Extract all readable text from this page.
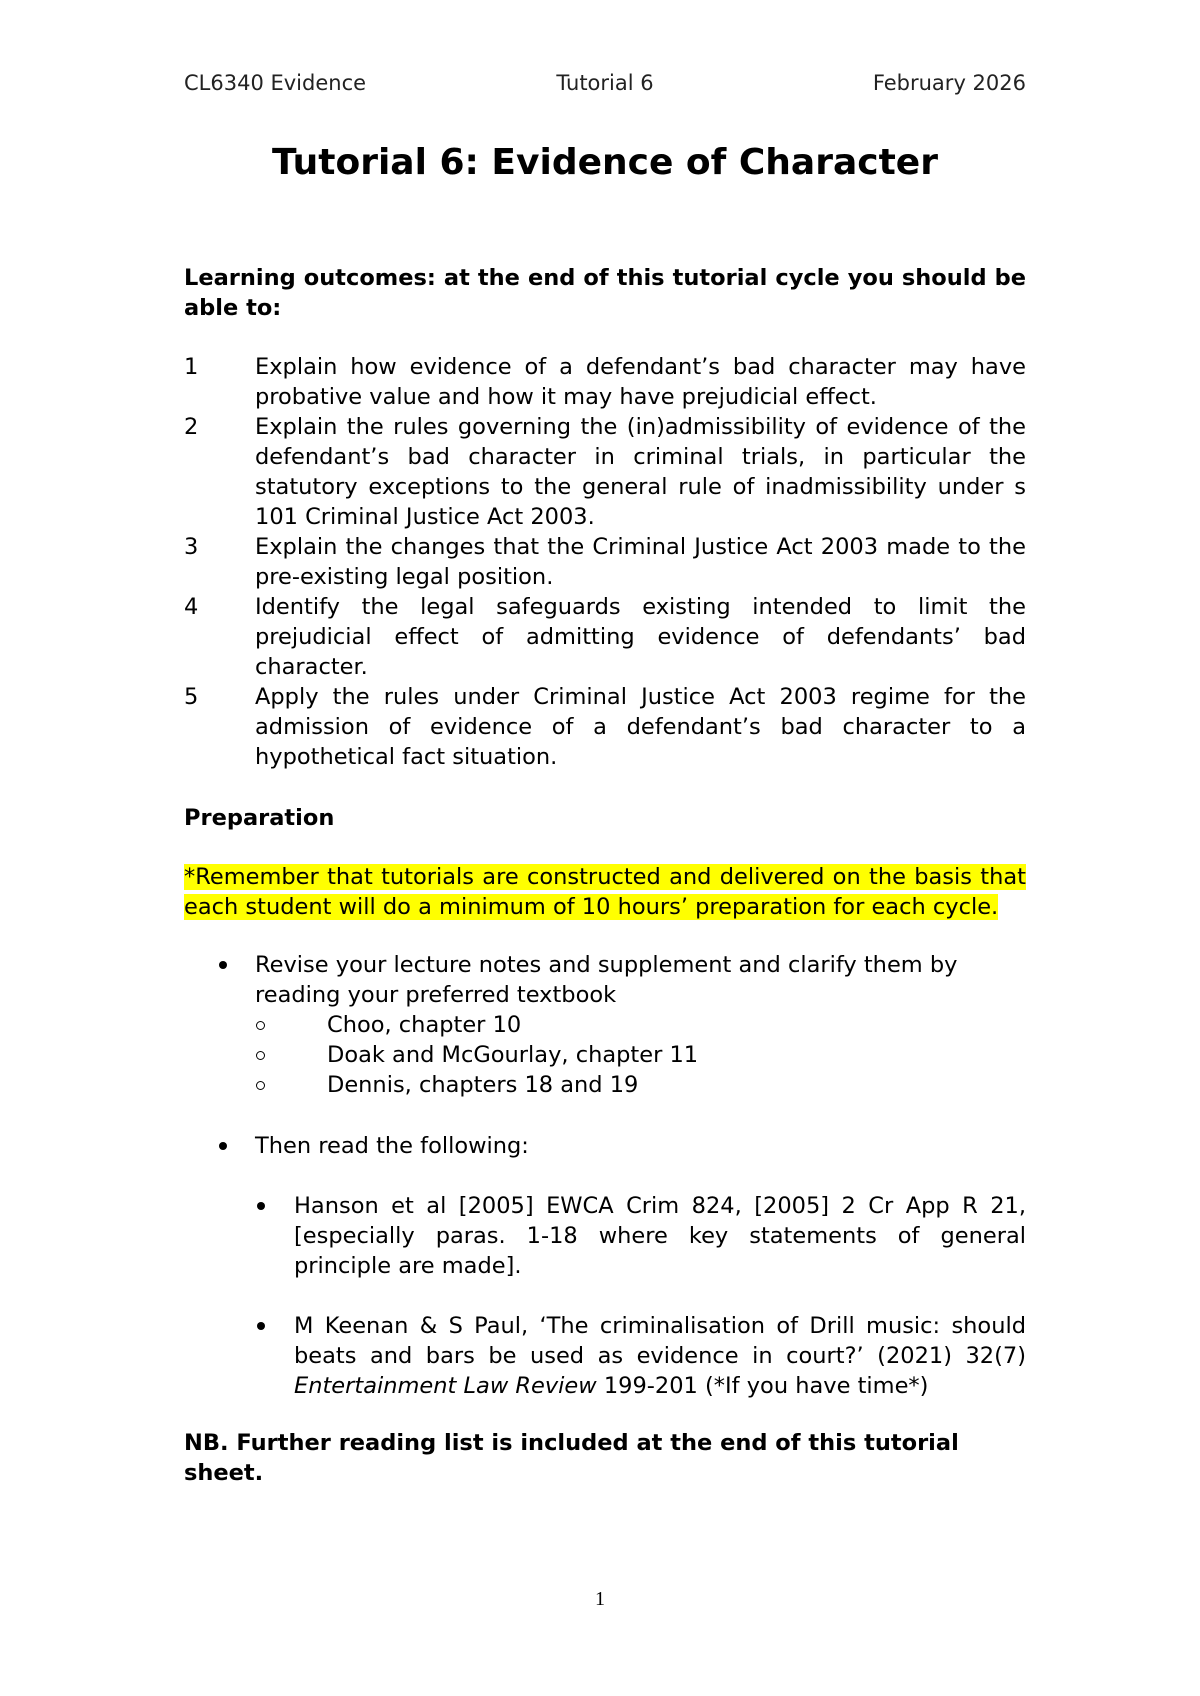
CL6340 Evidence	Tutorial 6	February 2026
Tutorial 6: Evidence of Character

Learning outcomes: at the end of this tutorial cycle you should be able to:

1	Explain how evidence of a defendant’s bad character may have probative value and how it may have prejudicial effect.
2	Explain the rules governing the (in)admissibility of evidence of the defendant’s bad character in criminal trials, in particular the statutory exceptions to the general rule of inadmissibility under s 101 Criminal Justice Act 2003.
3	Explain the changes that the Criminal Justice Act 2003 made to the pre-existing legal position.
4	Identify the legal safeguards existing intended to limit the prejudicial effect of admitting evidence of defendants’ bad character.
5	Apply the rules under Criminal Justice Act 2003 regime for the admission of evidence of a defendant’s bad character to a hypothetical fact situation.

Preparation

*Remember that tutorials are constructed and delivered on the basis that each student will do a minimum of 10 hours’ preparation for each cycle.

Revise your lecture notes and supplement and clarify them by reading your preferred textbook
Choo, chapter 10
Doak and McGourlay, chapter 11
Dennis, chapters 18 and 19
Then read the following:
Hanson et al [2005] EWCA Crim 824, [2005] 2 Cr App R 21, [especially paras. 1-18 where key statements of general principle are made].
M Keenan & S Paul, ‘The criminalisation of Drill music: should beats and bars be used as evidence in court?’ (2021) 32(7) Entertainment Law Review 199-201 (*If you have time*)

NB. Further reading list is included at the end of this tutorial sheet.

1
